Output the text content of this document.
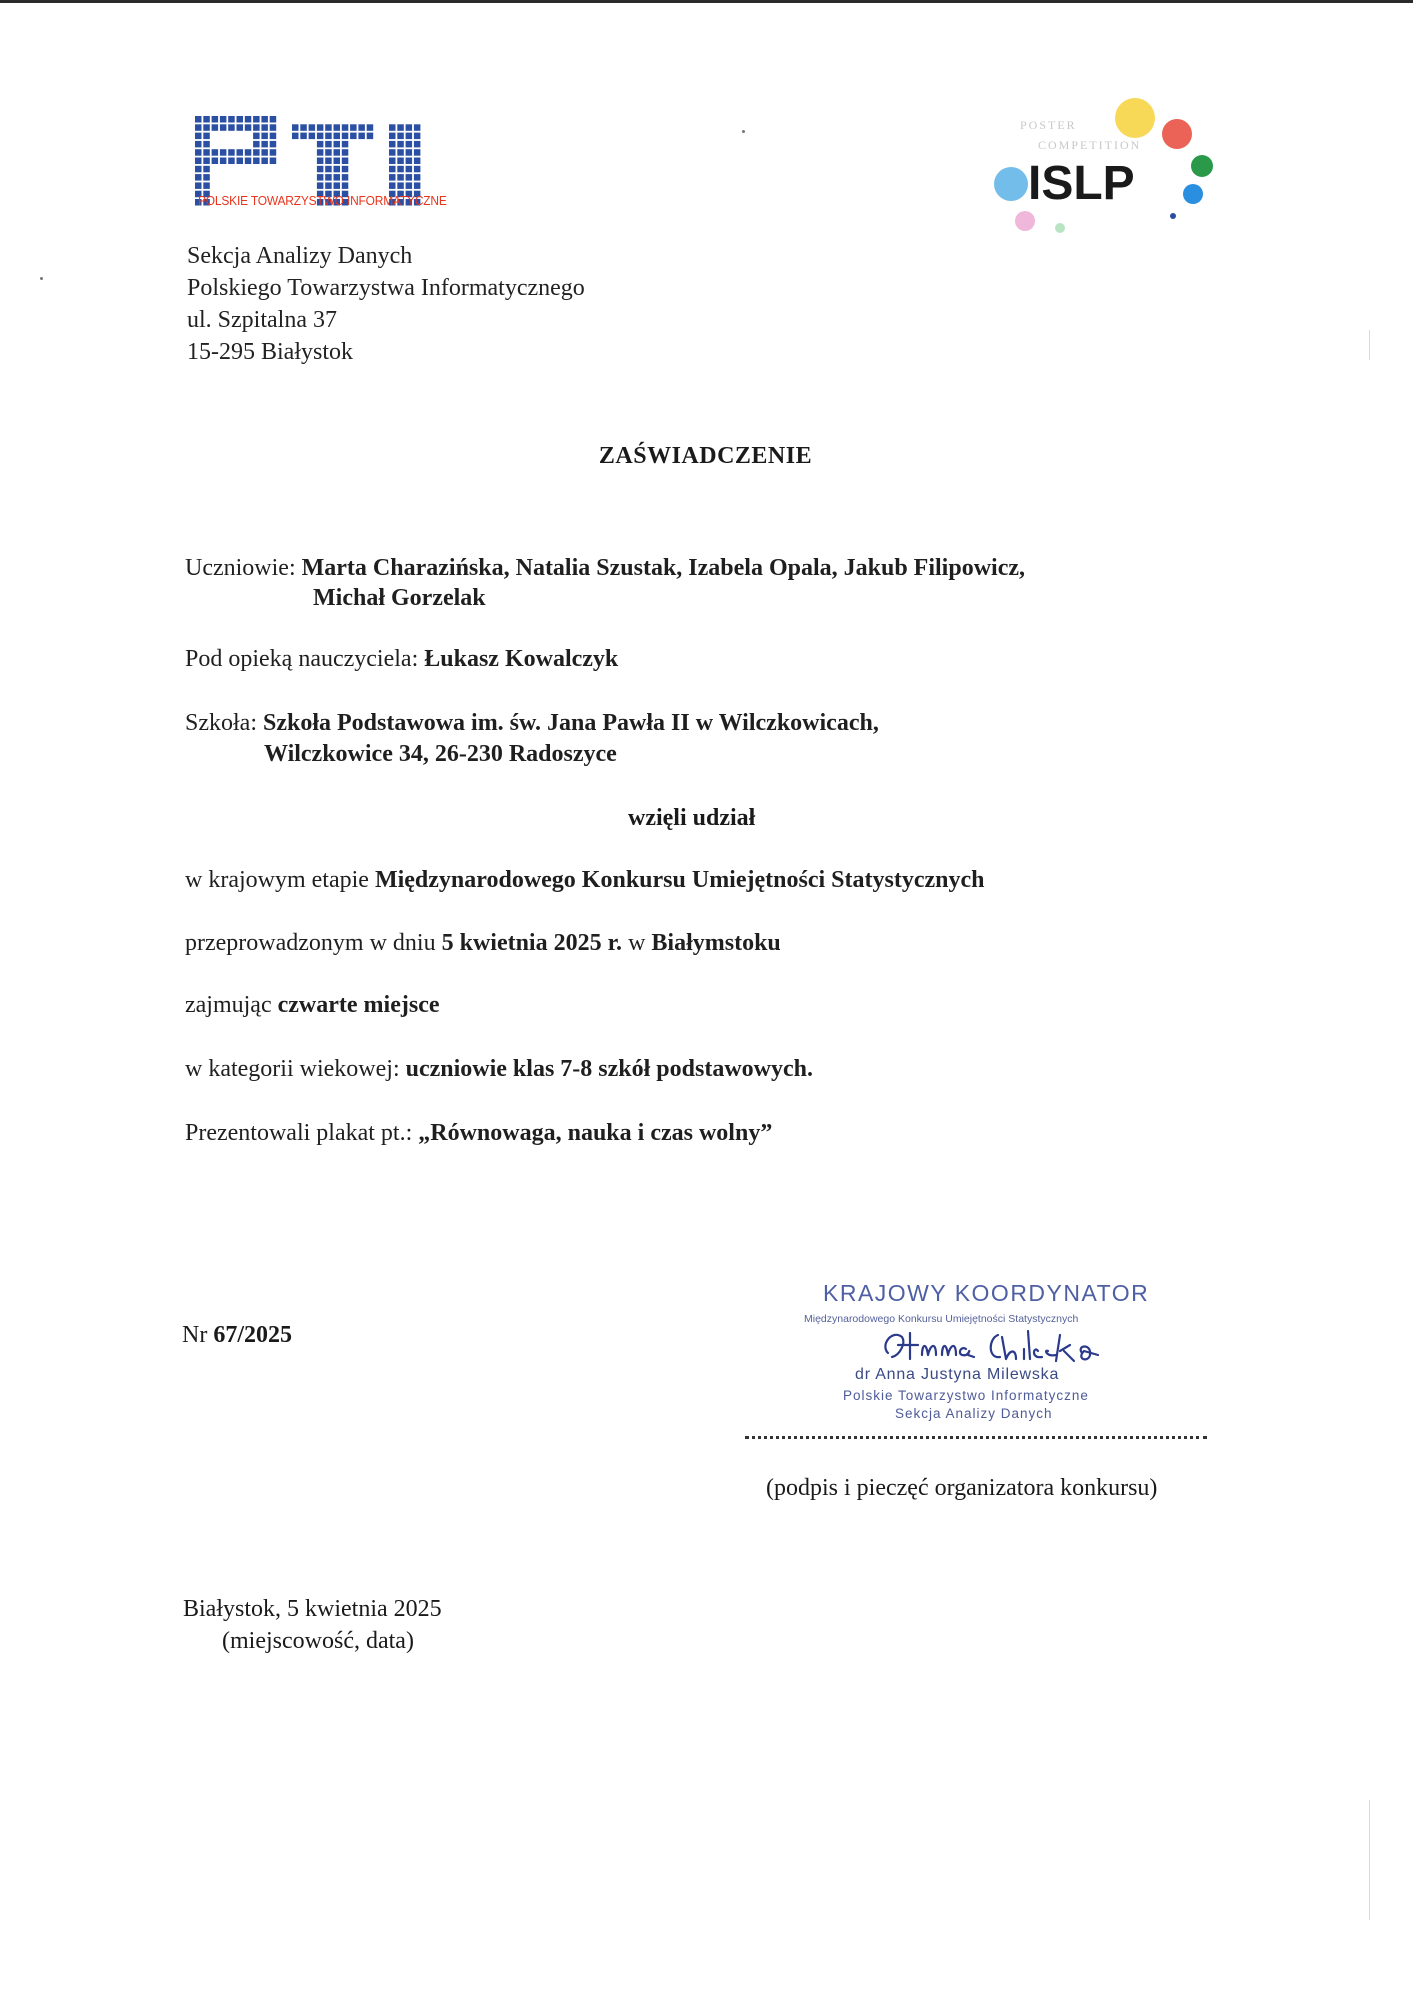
POLSKIE TOWARZYSTWO INFORMATYCZNE
POSTER
COMPETITION
ISLP
Sekcja Analizy Danych
Polskiego Towarzystwa Informatycznego
ul. Szpitalna 37
15-295 Białystok
ZAŚWIADCZENIE
Uczniowie: Marta Charazińska, Natalia Szustak, Izabela Opala, Jakub Filipowicz,
Michał Gorzelak
Pod opieką nauczyciela: Łukasz Kowalczyk
Szkoła: Szkoła Podstawowa im. św. Jana Pawła II w Wilczkowicach,
Wilczkowice 34, 26-230 Radoszyce
wzięli udział
w krajowym etapie Międzynarodowego Konkursu Umiejętności Statystycznych
przeprowadzonym w dniu 5 kwietnia 2025 r. w Białymstoku
zajmując czwarte miejsce
w kategorii wiekowej: uczniowie klas 7-8 szkół podstawowych.
Prezentowali plakat pt.: „Równowaga, nauka i czas wolny”
Nr 67/2025
KRAJOWY KOORDYNATOR
Międzynarodowego Konkursu Umiejętności Statystycznych
dr Anna Justyna Milewska
Polskie Towarzystwo Informatyczne
Sekcja Analizy Danych
(podpis i pieczęć organizatora konkursu)
Białystok, 5 kwietnia 2025
(miejscowość, data)
